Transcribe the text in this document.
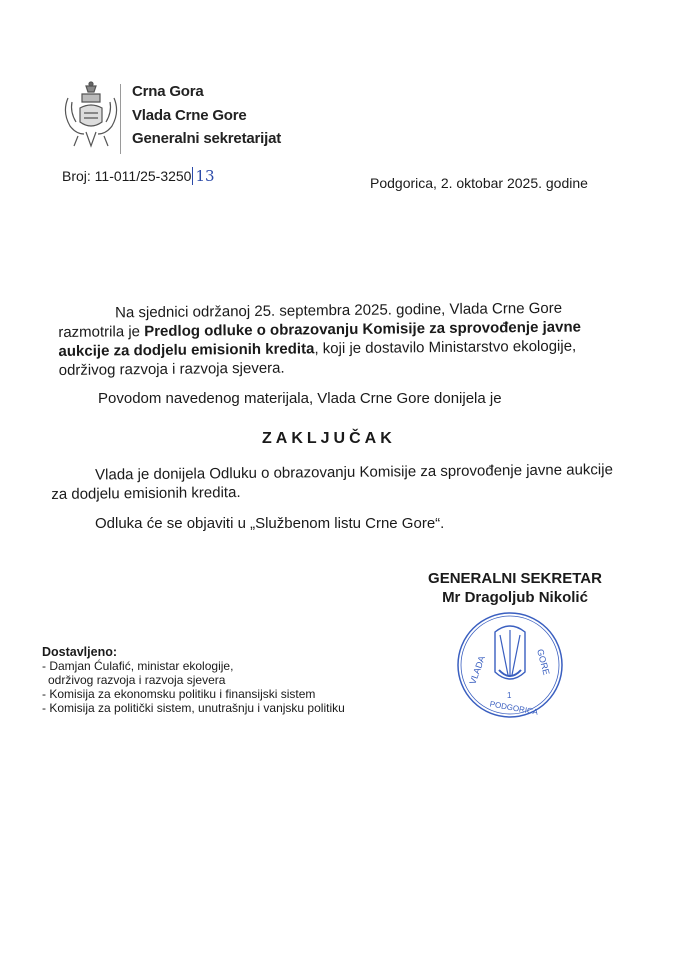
Crna Gora
Vlada Crne Gore
Generalni sekretarijat
Broj: 11-011/25-3250 13	Podgorica, 2. oktobar 2025. godine
Na sjednici održanoj 25. septembra 2025. godine, Vlada Crne Gore razmotrila je Predlog odluke o obrazovanju Komisije za sprovođenje javne aukcije za dodjelu emisionih kredita, koji je dostavilo Ministarstvo ekologije, održivog razvoja i razvoja sjevera.
Povodom navedenog materijala, Vlada Crne Gore donijela je
ZAKLJUČAK
Vlada je donijela Odluku o obrazovanju Komisije za sprovođenje javne aukcije za dodjelu emisionih kredita.
Odluka će se objaviti u „Službenom listu Crne Gore“.
GENERALNI SEKRETAR
Mr Dragoljub Nikolić
VLADA	GORE
1
PODGORICA
Dostavljeno:
- Damjan Ćulafić, ministar ekologije,
održivog razvoja i razvoja sjevera
- Komisija za ekonomsku politiku i finansijski sistem
- Komisija za politički sistem, unutrašnju i vanjsku politiku
